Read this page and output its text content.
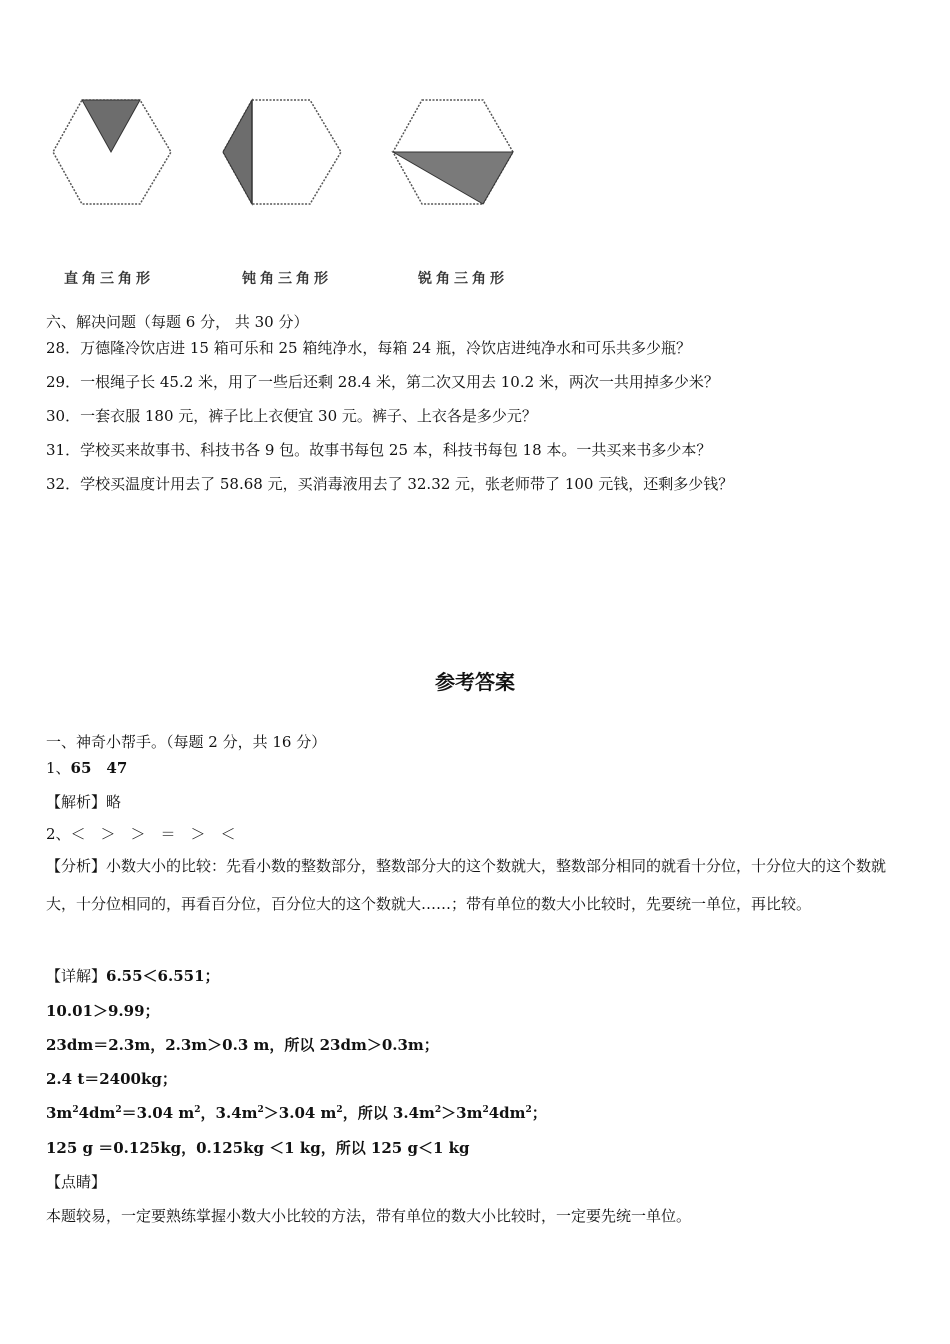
直角三角形	钝角三角形	锐角三角形
六、解决问题（每题 6 分， 共 30 分）
28．万德隆冷饮店进 15 箱可乐和 25 箱纯净水，每箱 24 瓶，冷饮店进纯净水和可乐共多少瓶？
29．一根绳子长 45.2 米，用了一些后还剩 28.4 米，第二次又用去 10.2 米，两次一共用掉多少米？
30．一套衣服 180 元，裤子比上衣便宜 30 元。裤子、上衣各是多少元？
31．学校买来故事书、科技书各 9 包。故事书每包 25 本，科技书每包 18 本。一共买来书多少本？
32．学校买温度计用去了 58.68 元，买消毒液用去了 32.32 元，张老师带了 100 元钱，还剩多少钱？
参考答案
一、神奇小帮手。（每题 2 分，共 16 分）
1、65　47
【解析】略
2、＜　＞　＞　＝　＞　＜
【分析】小数大小的比较：先看小数的整数部分，整数部分大的这个数就大，整数部分相同的就看十分位，十分位大的这个数就大，十分位相同的，再看百分位，百分位大的这个数就大……；带有单位的数大小比较时，先要统一单位，再比较。
【详解】6.55＜6.551；
10.01＞9.99；
23dm＝2.3m，2.3m＞0.3 m，所以 23dm＞0.3m；
2.4 t＝2400kg；
$3m^24dm^2=3.04$ $m^2$，$3.4m^2>3.04$ $m^2$，所以 $3.4m^2>3m^24dm^2$；
125 g ＝0.125kg，0.125kg ＜1 kg，所以 125 g＜1 kg
【点睛】
本题较易，一定要熟练掌握小数大小比较的方法，带有单位的数大小比较时，一定要先统一单位。
